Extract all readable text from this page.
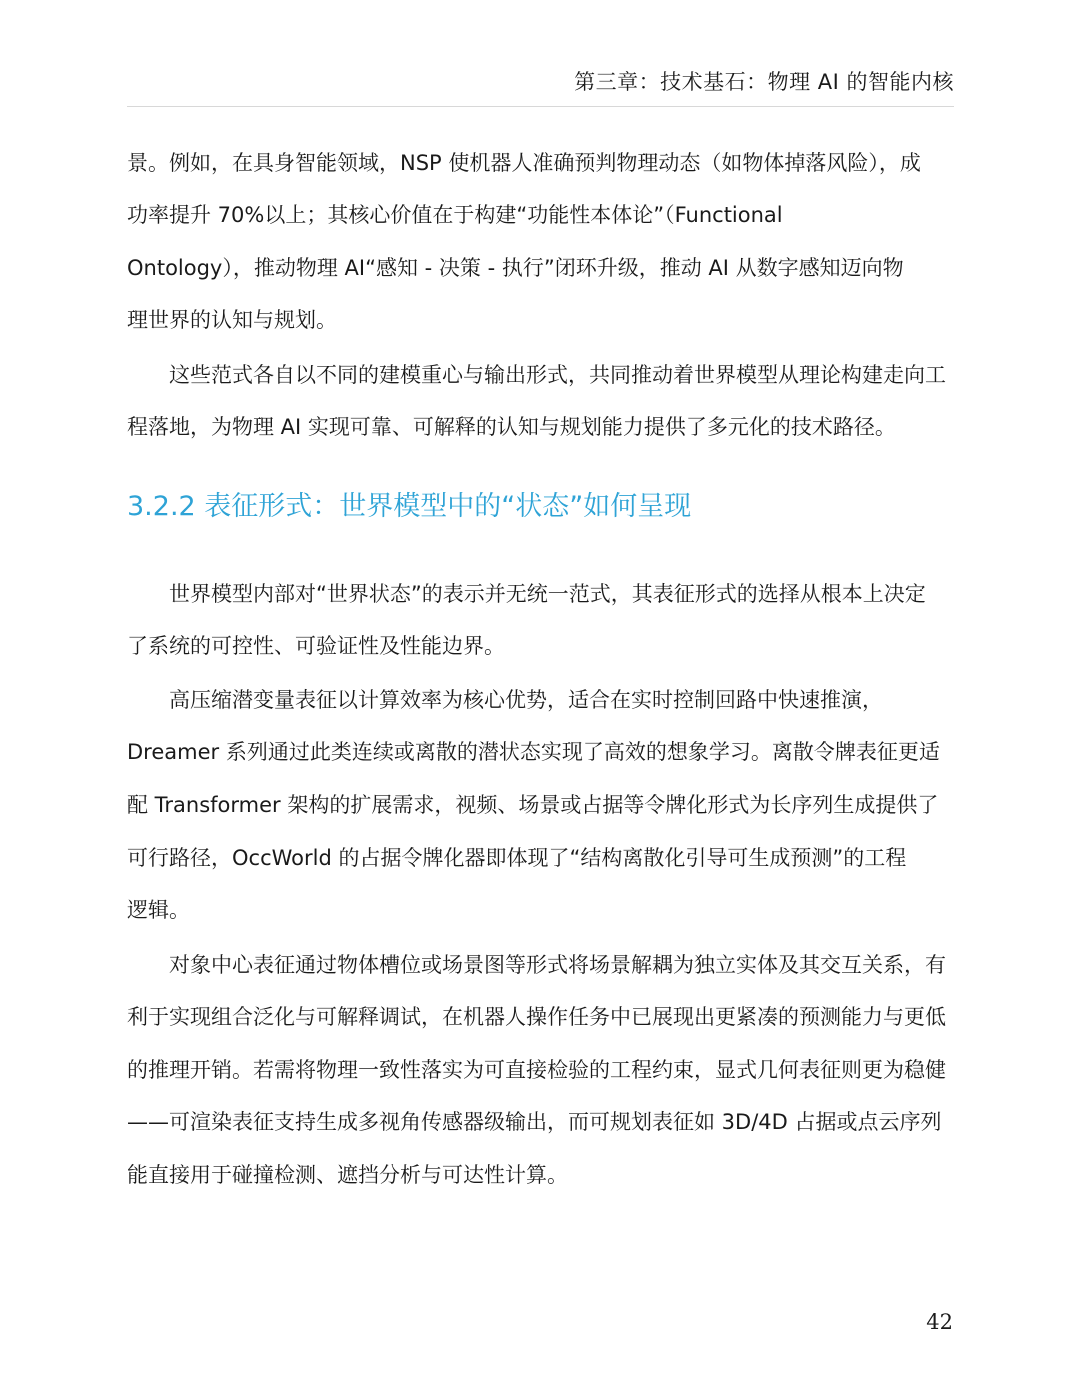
第三章：技术基石：物理 AI 的智能内核
景。例如，在具身智能领域，NSP 使机器人准确预判物理动态（如物体掉落风险），成
功率提升 70%以上；其核心价值在于构建“功能性本体论”（Functional
Ontology），推动物理 AI“感知 - 决策 - 执行”闭环升级，推动 AI 从数字感知迈向物
理世界的认知与规划。
这些范式各自以不同的建模重心与输出形式，共同推动着世界模型从理论构建走向工
程落地，为物理 AI 实现可靠、可解释的认知与规划能力提供了多元化的技术路径。
3.2.2 表征形式：世界模型中的“状态”如何呈现
世界模型内部对“世界状态”的表示并无统一范式，其表征形式的选择从根本上决定
了系统的可控性、可验证性及性能边界。
高压缩潜变量表征以计算效率为核心优势，适合在实时控制回路中快速推演，
Dreamer 系列通过此类连续或离散的潜状态实现了高效的想象学习。离散令牌表征更适
配 Transformer 架构的扩展需求，视频、场景或占据等令牌化形式为长序列生成提供了
可行路径，OccWorld 的占据令牌化器即体现了“结构离散化引导可生成预测”的工程
逻辑。
对象中心表征通过物体槽位或场景图等形式将场景解耦为独立实体及其交互关系，有
利于实现组合泛化与可解释调试，在机器人操作任务中已展现出更紧凑的预测能力与更低
的推理开销。若需将物理一致性落实为可直接检验的工程约束，显式几何表征则更为稳健
——可渲染表征支持生成多视角传感器级输出，而可规划表征如 3D/4D 占据或点云序列
能直接用于碰撞检测、遮挡分析与可达性计算。
42
